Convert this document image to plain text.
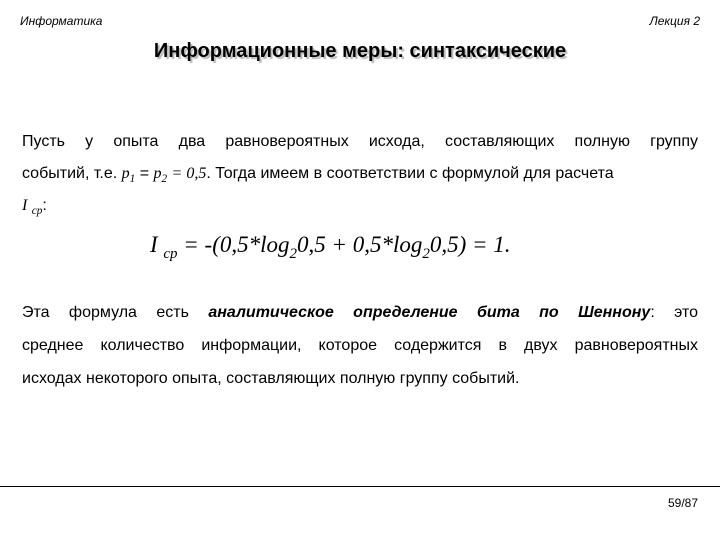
Информатика	Лекция 2
Информационные меры: синтаксические
Пусть у опыта два равновероятных исхода, составляющих полную группу
событий, т.е. $p_1 = p_2 = 0,5$. Тогда имеем в соответствии с формулой для расчета
I $_{ср}$:
I $_{ср} = -(0,5*\log_20,5 + 0,5*\log_20,5) = 1$.
Эта формула есть аналитическое определение бита по Шеннону: это
среднее количество информации, которое содержится в двух равновероятных
исходах некоторого опыта, составляющих полную группу событий.
59/87
